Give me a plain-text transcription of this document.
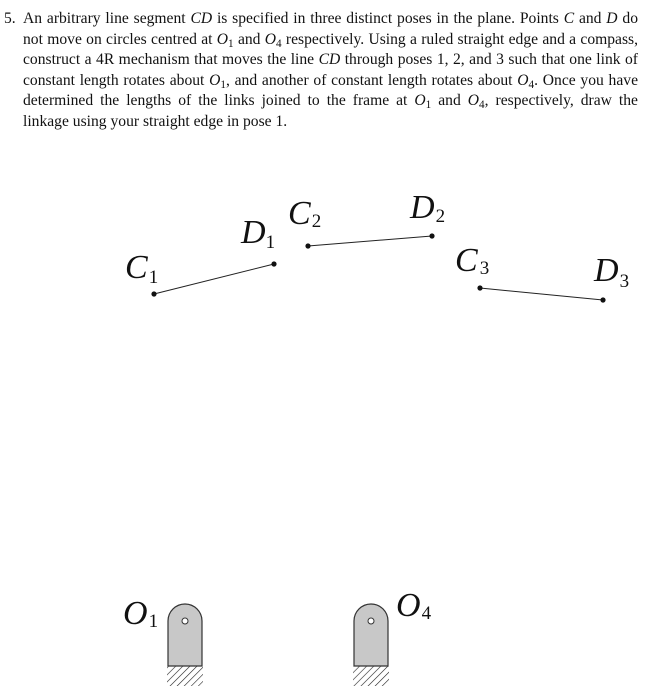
5. An arbitrary line segment CD is specified in three distinct poses in the plane. Points C and D do not move on circles centred at $O_1$ and $O_4$ respectively. Using a ruled straight edge and a compass, construct a 4R mechanism that moves the line CD through poses 1, 2, and 3 such that one link of constant length rotates about $O_1$, and another of constant length rotates about $O_4$. Once you have determined the lengths of the links joined to the frame at $O_1$ and $O_4$, respectively, draw the linkage using your straight edge in pose 1.
C1
D1
C2	D2
C 3	D3
O1	O4
